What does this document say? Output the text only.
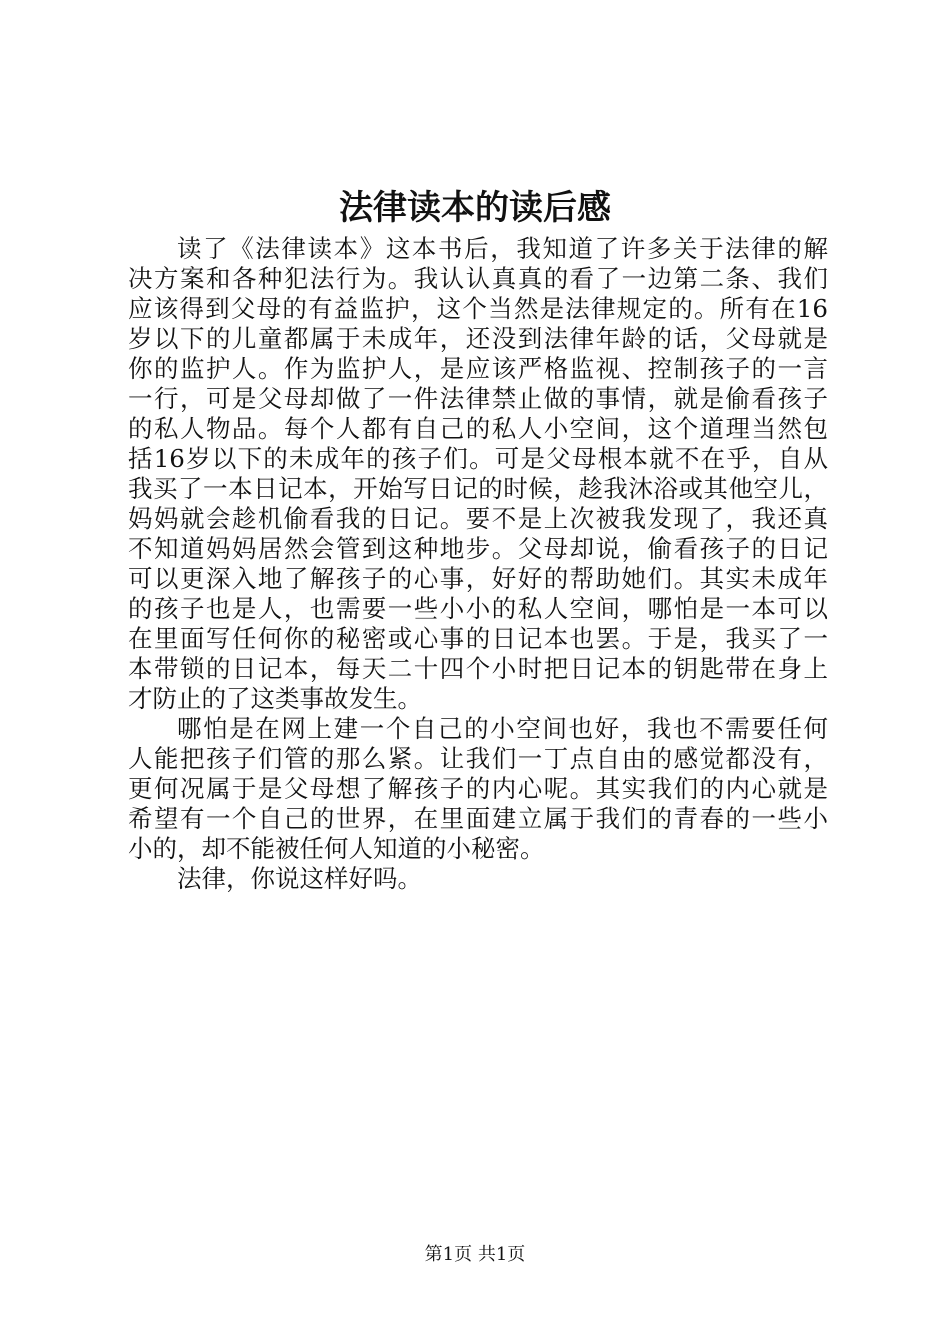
法律读本的读后感

读了《法律读本》这本书后，我知道了许多关于法律的解
决方案和各种犯法行为。我认认真真的看了一边第二条、我们
应该得到父母的有益监护，这个当然是法律规定的。所有在16
岁以下的儿童都属于未成年，还没到法律年龄的话，父母就是
你的监护人。作为监护人，是应该严格监视、控制孩子的一言
一行，可是父母却做了一件法律禁止做的事情，就是偷看孩子
的私人物品。每个人都有自己的私人小空间，这个道理当然包
括16岁以下的未成年的孩子们。可是父母根本就不在乎，自从
我买了一本日记本，开始写日记的时候，趁我沐浴或其他空儿，
妈妈就会趁机偷看我的日记。要不是上次被我发现了，我还真
不知道妈妈居然会管到这种地步。父母却说，偷看孩子的日记
可以更深入地了解孩子的心事，好好的帮助她们。其实未成年
的孩子也是人，也需要一些小小的私人空间，哪怕是一本可以
在里面写任何你的秘密或心事的日记本也罢。于是，我买了一
本带锁的日记本，每天二十四个小时把日记本的钥匙带在身上
才防止的了这类事故发生。

哪怕是在网上建一个自己的小空间也好，我也不需要任何
人能把孩子们管的那么紧。让我们一丁点自由的感觉都没有，
更何况属于是父母想了解孩子的内心呢。其实我们的内心就是
希望有一个自己的世界，在里面建立属于我们的青春的一些小
小的，却不能被任何人知道的小秘密。

法律，你说这样好吗。

第1页 共1页
